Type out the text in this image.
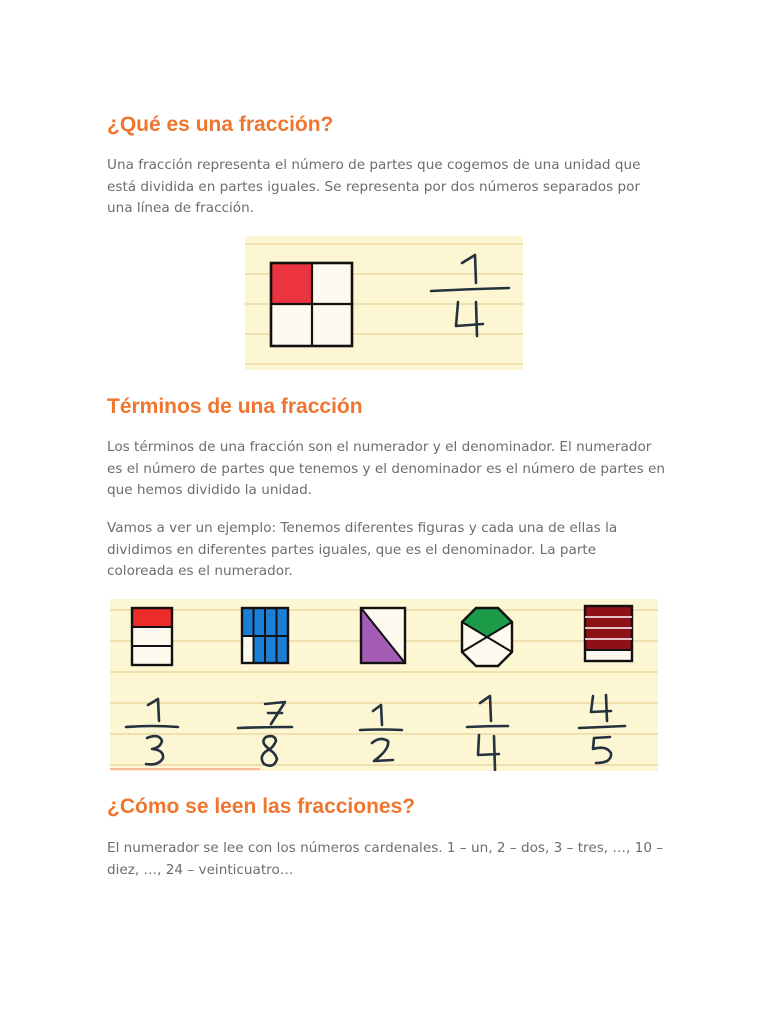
¿Qué es una fracción?

Una fracción representa el número de partes que cogemos de una unidad que está dividida en partes iguales. Se representa por dos números separados por una línea de fracción.

Términos de una fracción

Los términos de una fracción son el numerador y el denominador. El numerador es el número de partes que tenemos y el denominador es el número de partes en que hemos dividido la unidad.

Vamos a ver un ejemplo: Tenemos diferentes figuras y cada una de ellas la dividimos en diferentes partes iguales, que es el denominador. La parte coloreada es el numerador.

¿Cómo se leen las fracciones?

El numerador se lee con los números cardenales. 1 – un, 2 – dos, 3 – tres, …, 10 – diez, …, 24 – veinticuatro…
